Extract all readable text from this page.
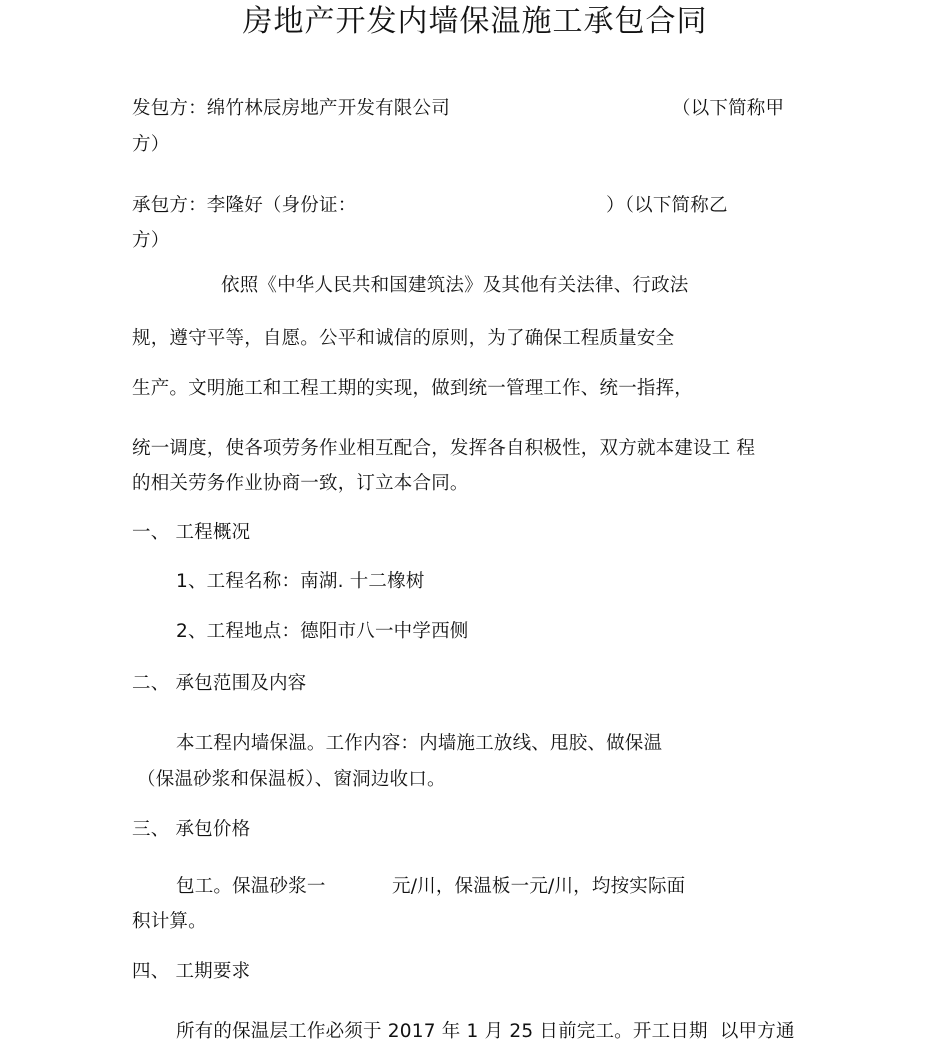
房地产开发内墙保温施工承包合同
发包方：绵竹林辰房地产开发有限公司	（以下简称甲
方）
承包方：李隆好（身份证：	）（以下简称乙
方）
依照《中华人民共和国建筑法》及其他有关法律、行政法
规，遵守平等，自愿。公平和诚信的原则，为了确保工程质量安全
生产。文明施工和工程工期的实现，做到统一管理工作、统一指挥，
统一调度，使各项劳务作业相互配合，发挥各自积极性，双方就本建设工 程
的相关劳务作业协商一致，订立本合同。
一、 工程概况
1、工程名称：南湖. 十二橡树
2、工程地点：德阳市八一中学西侧
二、 承包范围及内容
本工程内墙保温。工作内容：内墙施工放线、甩胶、做保温
（保温砂浆和保温板）、窗洞边收口。
三、 承包价格
包工。保温砂浆一	元/川，保温板一元/川，均按实际面
积计算。
四、 工期要求
所有的保温层工作必须于 2017 年 1 月 25 日前完工。开工日期  以甲方通
